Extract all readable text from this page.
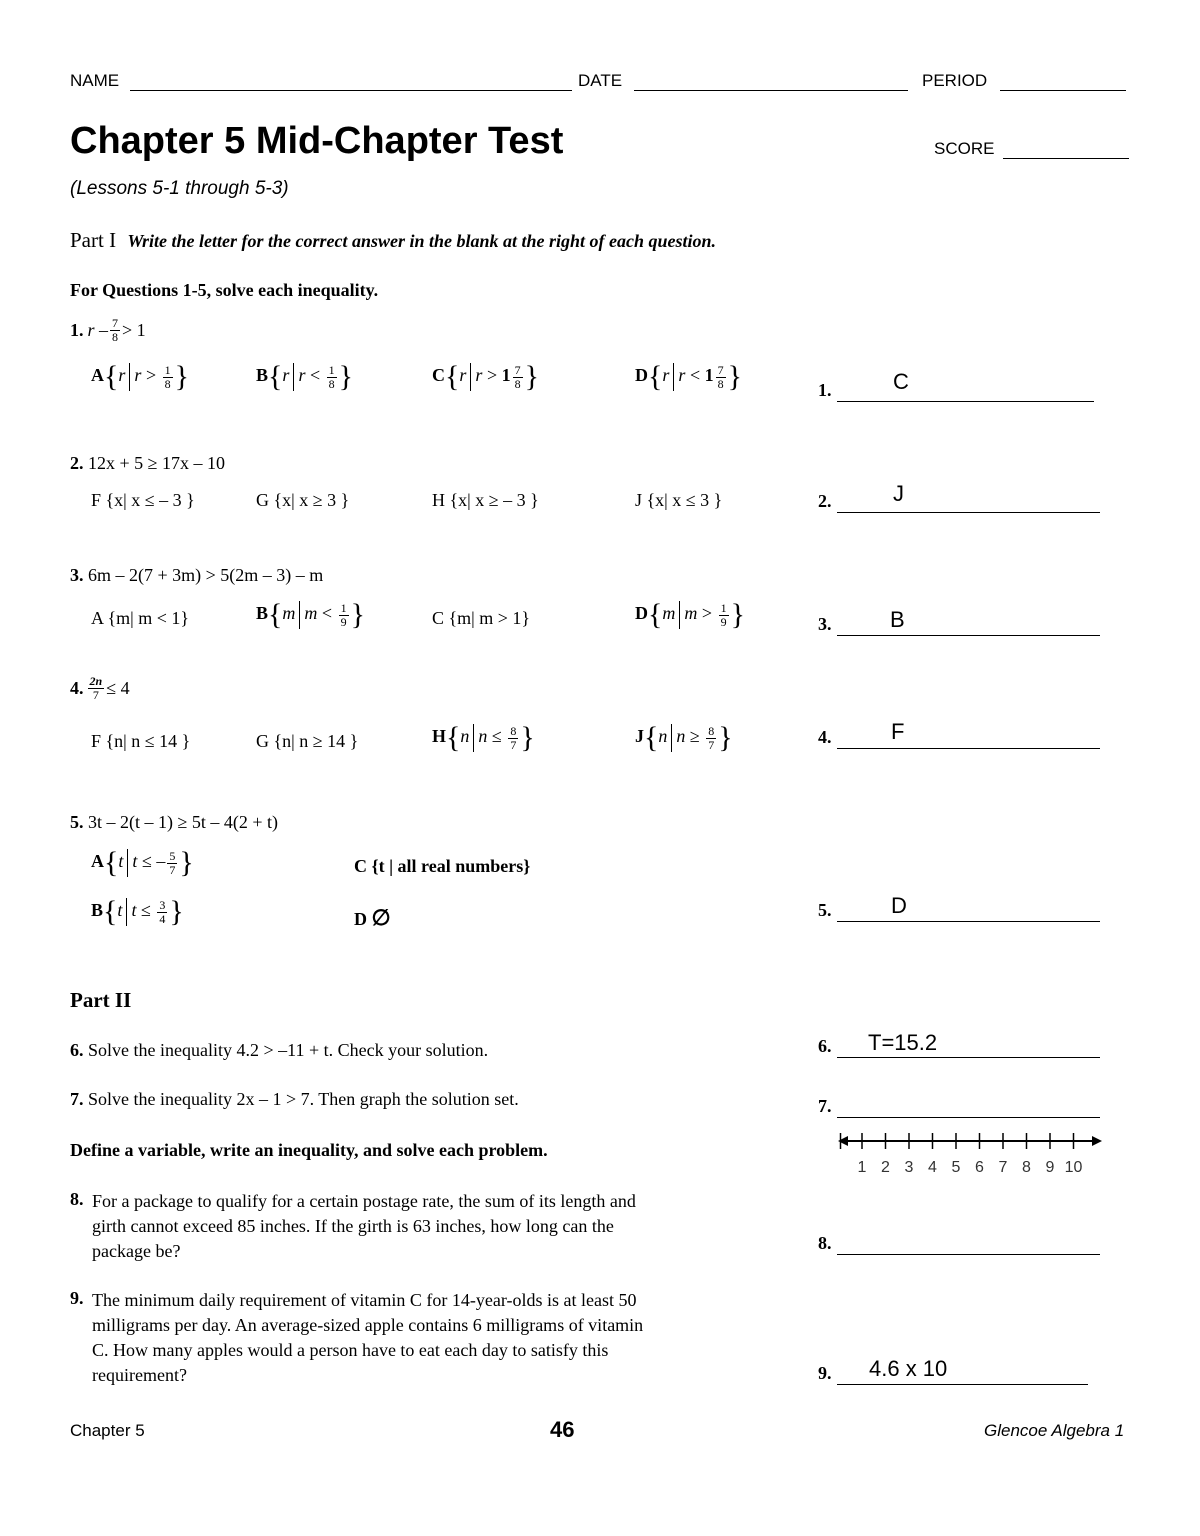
NAME	DATE	PERIOD
Chapter 5 Mid-Chapter Test	SCORE
(Lessons 5-1 through 5-3)
Part I Write the letter for the correct answer in the blank at the right of each question.
For Questions 1-5, solve each inequality.
1. $r - \frac{7}{8} > 1$
A{r $r > \frac{1}{8}$ }	B{r $r < \frac{1}{8}$ }	C{r $r > 1 \frac{7}{8}$ }	D{r $r < 1 \frac{7}{8}$ }	1.	C
2. 12x + 5 ≥ 17x – 10
F {x| x ≤ – 3 }	G {x| x ≥ 3 }	H {x| x ≥ – 3 }	J {x| x ≤ 3 }	2.	J
3. 6m – 2(7 + 3m) > 5(2m – 3) – m
A {m| m < 1}	B{m $m < \frac{1}{9}$ }	C {m| m > 1}	D{m $m > \frac{1}{9}$ }	3.	B
4. $\frac{2n}{7} \le 4$
F {n| n ≤ 14 }	G {n| n ≥ 14 }	H{n $n \le \frac{8}{7}$ }	J{n $n \ge \frac{8}{7}$ }	4.	F
5. 3t – 2(t – 1) ≥ 5t – 4(2 + t)
A{t t ≤ – $\frac{5}{7}$ }	C {t | all real numbers}
B{t $t \le \frac{3}{4}$ }	D ∅	5.	D
Part II
6. Solve the inequality 4.2 > –11 + t. Check your solution.	6. T=15.2
7. Solve the inequality 2x – 1 > 7. Then graph the solution set.	7.
1 2 3 4 5 6 7 8 9 10
Define a variable, write an inequality, and solve each problem.
8. For a package to qualify for a certain postage rate, the sum of its length and
girth cannot exceed 85 inches. If the girth is 63 inches, how long can the
package be?	8.
9. The minimum daily requirement of vitamin C for 14-year-olds is at least 50
milligrams per day. An average-sized apple contains 6 milligrams of vitamin
C. How many apples would a person have to eat each day to satisfy this
requirement?	9. 4.6 x 10
Chapter 5	46	Glencoe Algebra 1
